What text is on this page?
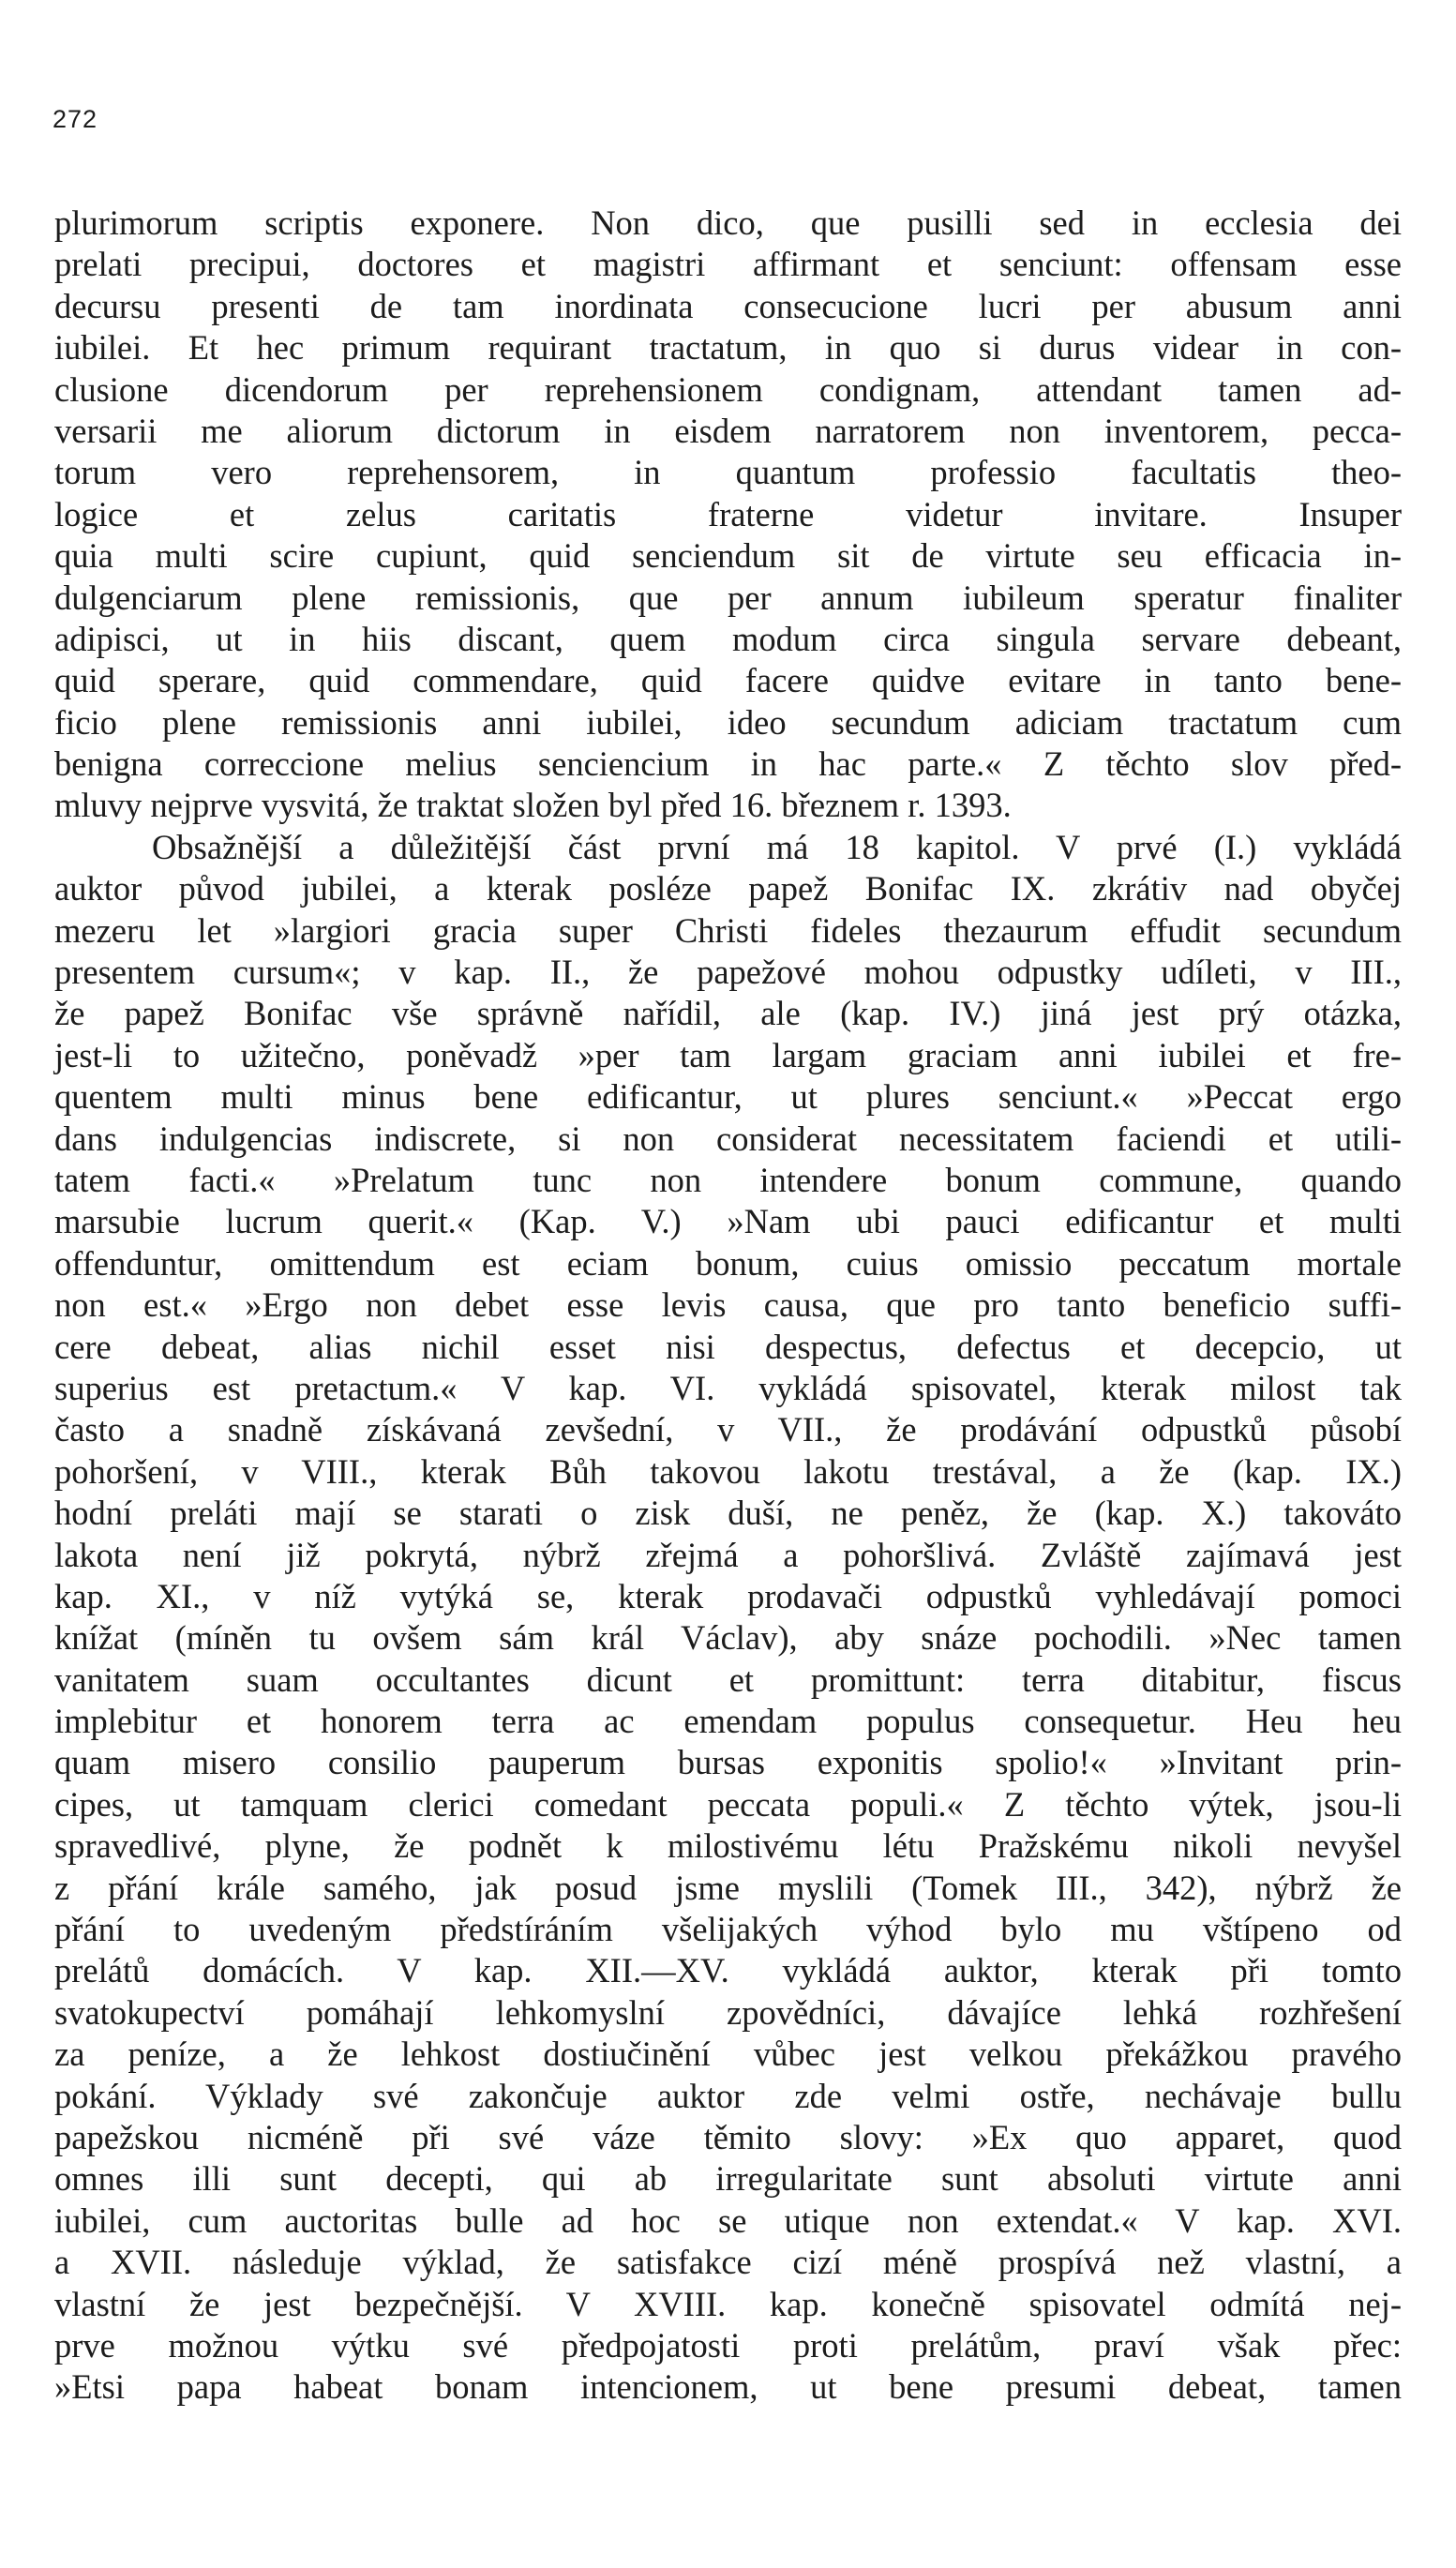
272
plurimorum scriptis exponere. Non dico, que pusilli sed in ecclesia dei
prelati precipui, doctores et magistri affirmant et senciunt: offensam esse
decursu presenti de tam inordinata consecucione lucri per abusum anni
iubilei. Et hec primum requirant tractatum, in quo si durus videar in con-
clusione dicendorum per reprehensionem condignam, attendant tamen ad-
versarii me aliorum dictorum in eisdem narratorem non inventorem, pecca-
torum vero reprehensorem, in quantum professio facultatis theo-
logice et zelus caritatis fraterne videtur invitare. Insuper
quia multi scire cupiunt, quid senciendum sit de virtute seu efficacia in-
dulgenciarum plene remissionis, que per annum iubileum speratur finaliter
adipisci, ut in hiis discant, quem modum circa singula servare debeant,
quid sperare, quid commendare, quid facere quidve evitare in tanto bene-
ficio plene remissionis anni iubilei, ideo secundum adiciam tractatum cum
benigna correccione melius senciencium in hac parte.« Z těchto slov před-
mluvy nejprve vysvitá, že traktat složen byl před 16. březnem r. 1393.
Obsažnější a důležitější část první má 18 kapitol. V prvé (I.) vykládá
auktor původ jubilei, a kterak posléze papež Bonifac IX. zkrátiv nad obyčej
mezeru let »largiori gracia super Christi fideles thezaurum effudit secundum
presentem cursum«; v kap. II., že papežové mohou odpustky udíleti, v III.,
že papež Bonifac vše správně nařídil, ale (kap. IV.) jiná jest prý otázka,
jest-li to užitečno, poněvadž »per tam largam graciam anni iubilei et fre-
quentem multi minus bene edificantur, ut plures senciunt.« »Peccat ergo
dans indulgencias indiscrete, si non considerat necessitatem faciendi et utili-
tatem facti.« »Prelatum tunc non intendere bonum commune, quando
marsubie lucrum querit.« (Kap. V.) »Nam ubi pauci edificantur et multi
offenduntur, omittendum est eciam bonum, cuius omissio peccatum mortale
non est.« »Ergo non debet esse levis causa, que pro tanto beneficio suffi-
cere debeat, alias nichil esset nisi despectus, defectus et decepcio, ut
superius est pretactum.« V kap. VI. vykládá spisovatel, kterak milost tak
často a snadně získávaná zevšední, v VII., že prodávání odpustků působí
pohoršení, v VIII., kterak Bůh takovou lakotu trestával, a že (kap. IX.)
hodní preláti mají se starati o zisk duší, ne peněz, že (kap. X.) takováto
lakota není již pokrytá, nýbrž zřejmá a pohoršlivá. Zvláště zajímavá jest
kap. XI., v níž vytýká se, kterak prodavači odpustků vyhledávají pomoci
knížat (míněn tu ovšem sám král Václav), aby snáze pochodili. »Nec tamen
vanitatem suam occultantes dicunt et promittunt: terra ditabitur, fiscus
implebitur et honorem terra ac emendam populus consequetur. Heu heu
quam misero consilio pauperum bursas exponitis spolio!« »Invitant prin-
cipes, ut tamquam clerici comedant peccata populi.« Z těchto výtek, jsou-li
spravedlivé, plyne, že podnět k milostivému létu Pražskému nikoli nevyšel
z přání krále samého, jak posud jsme myslili (Tomek III., 342), nýbrž že
přání to uvedeným předstíráním všelijakých výhod bylo mu vštípeno od
prelátů domácích. V kap. XII.—XV. vykládá auktor, kterak při tomto
svatokupectví pomáhají lehkomyslní zpovědníci, dávajíce lehká rozhřešení
za peníze, a že lehkost dostiučinění vůbec jest velkou překážkou pravého
pokání. Výklady své zakončuje auktor zde velmi ostře, nechávaje bullu
papežskou nicméně při své váze těmito slovy: »Ex quo apparet, quod
omnes illi sunt decepti, qui ab irregularitate sunt absoluti virtute anni
iubilei, cum auctoritas bulle ad hoc se utique non extendat.« V kap. XVI.
a XVII. následuje výklad, že satisfakce cizí méně prospívá než vlastní, a
vlastní že jest bezpečnější. V XVIII. kap. konečně spisovatel odmítá nej-
prve možnou výtku své předpojatosti proti prelátům, praví však přec:
»Etsi papa habeat bonam intencionem, ut bene presumi debeat, tamen
